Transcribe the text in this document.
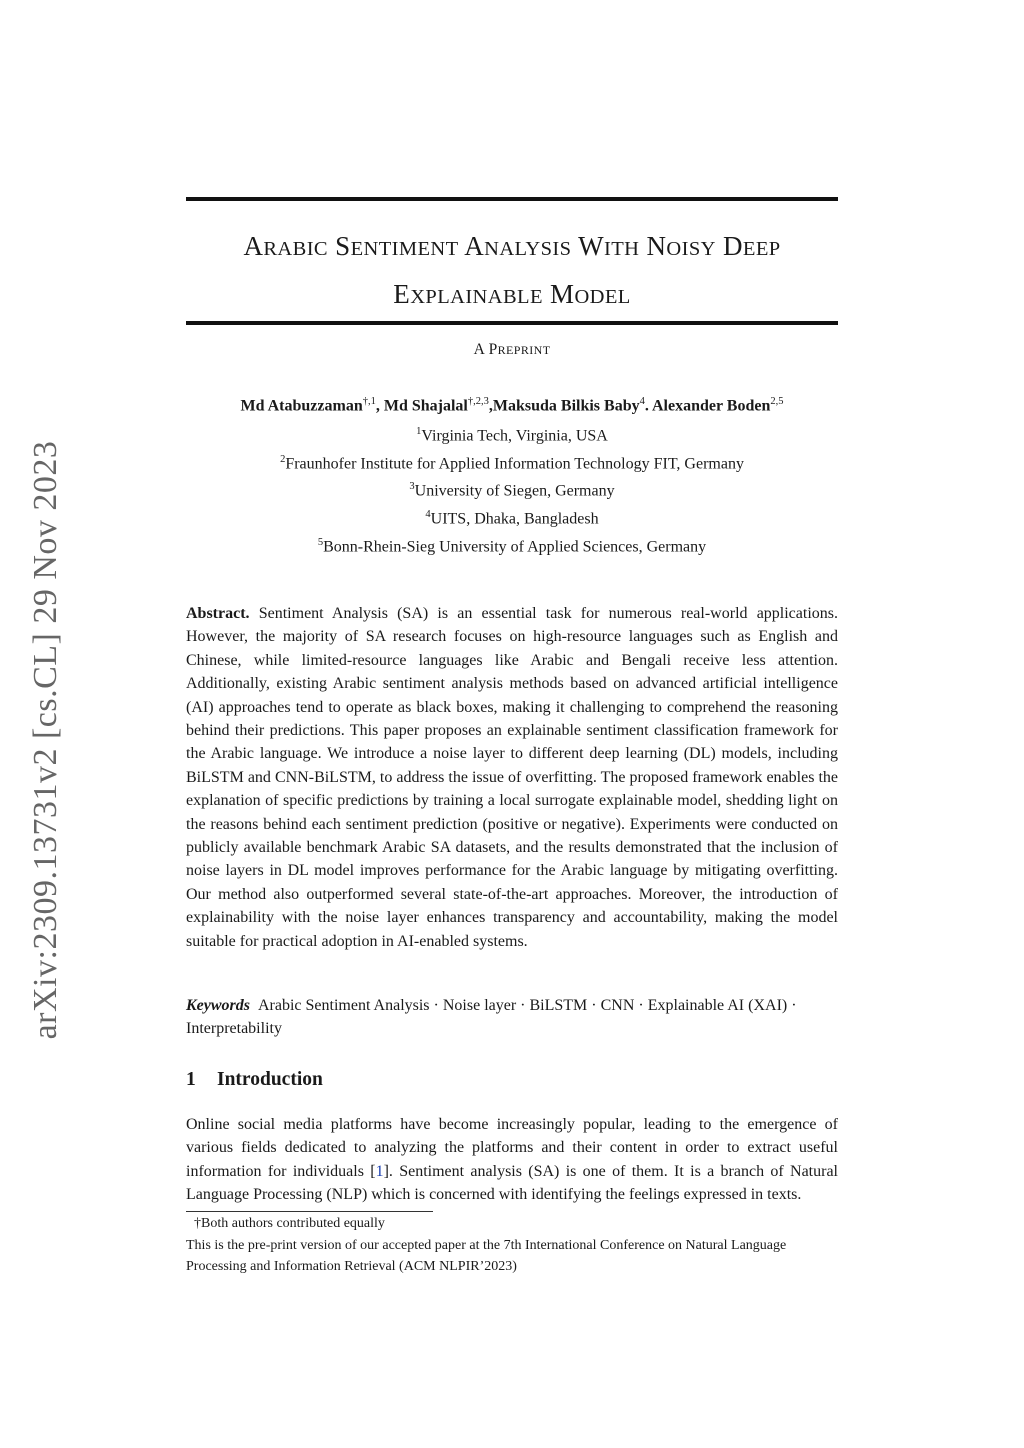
arXiv:2309.13731v2 [cs.CL] 29 Nov 2023
ARABIC SENTIMENT ANALYSIS WITH NOISY DEEP
EXPLAINABLE MODEL
A PREPRINT
Md Atabuzzaman$^{\dagger,1}$, Md Shajalal$^{\dagger,2,3}$,Maksuda Bilkis Baby$^4$. Alexander Boden$^{2,5}$
$^1$Virginia Tech, Virginia, USA
$^2$Fraunhofer Institute for Applied Information Technology FIT, Germany
$^3$University of Siegen, Germany
$^4$UITS, Dhaka, Bangladesh
$^5$Bonn-Rhein-Sieg University of Applied Sciences, Germany
Abstract. Sentiment Analysis (SA) is an essential task for numerous real-world applications. However, the majority of SA research focuses on high-resource languages such as English and Chinese, while limited-resource languages like Arabic and Bengali receive less attention. Additionally, existing Arabic sentiment analysis methods based on advanced artificial intelligence (AI) approaches tend to operate as black boxes, making it challenging to comprehend the reasoning behind their predictions. This paper proposes an explainable sentiment classification framework for the Arabic language. We introduce a noise layer to different deep learning (DL) models, including BiLSTM and CNN-BiLSTM, to address the issue of overfitting. The proposed framework enables the explanation of specific predictions by training a local surrogate explainable model, shedding light on the reasons behind each sentiment prediction (positive or negative). Experiments were conducted on publicly available benchmark Arabic SA datasets, and the results demonstrated that the inclusion of noise layers in DL model improves performance for the Arabic language by mitigating overfitting. Our method also outperformed several state-of-the-art approaches. Moreover, the introduction of explainability with the noise layer enhances transparency and accountability, making the model suitable for practical adoption in AI-enabled systems.
Keywords Arabic Sentiment Analysis · Noise layer · BiLSTM · CNN · Explainable AI (XAI) · Interpretability
1 Introduction
Online social media platforms have become increasingly popular, leading to the emergence of various fields dedicated to analyzing the platforms and their content in order to extract useful information for individuals [1]. Sentiment analysis (SA) is one of them. It is a branch of Natural Language Processing (NLP) which is concerned with identifying the feelings expressed in texts.
†Both authors contributed equally
This is the pre-print version of our accepted paper at the 7th International Conference on Natural Language Processing and Information Retrieval (ACM NLPIR’2023)
